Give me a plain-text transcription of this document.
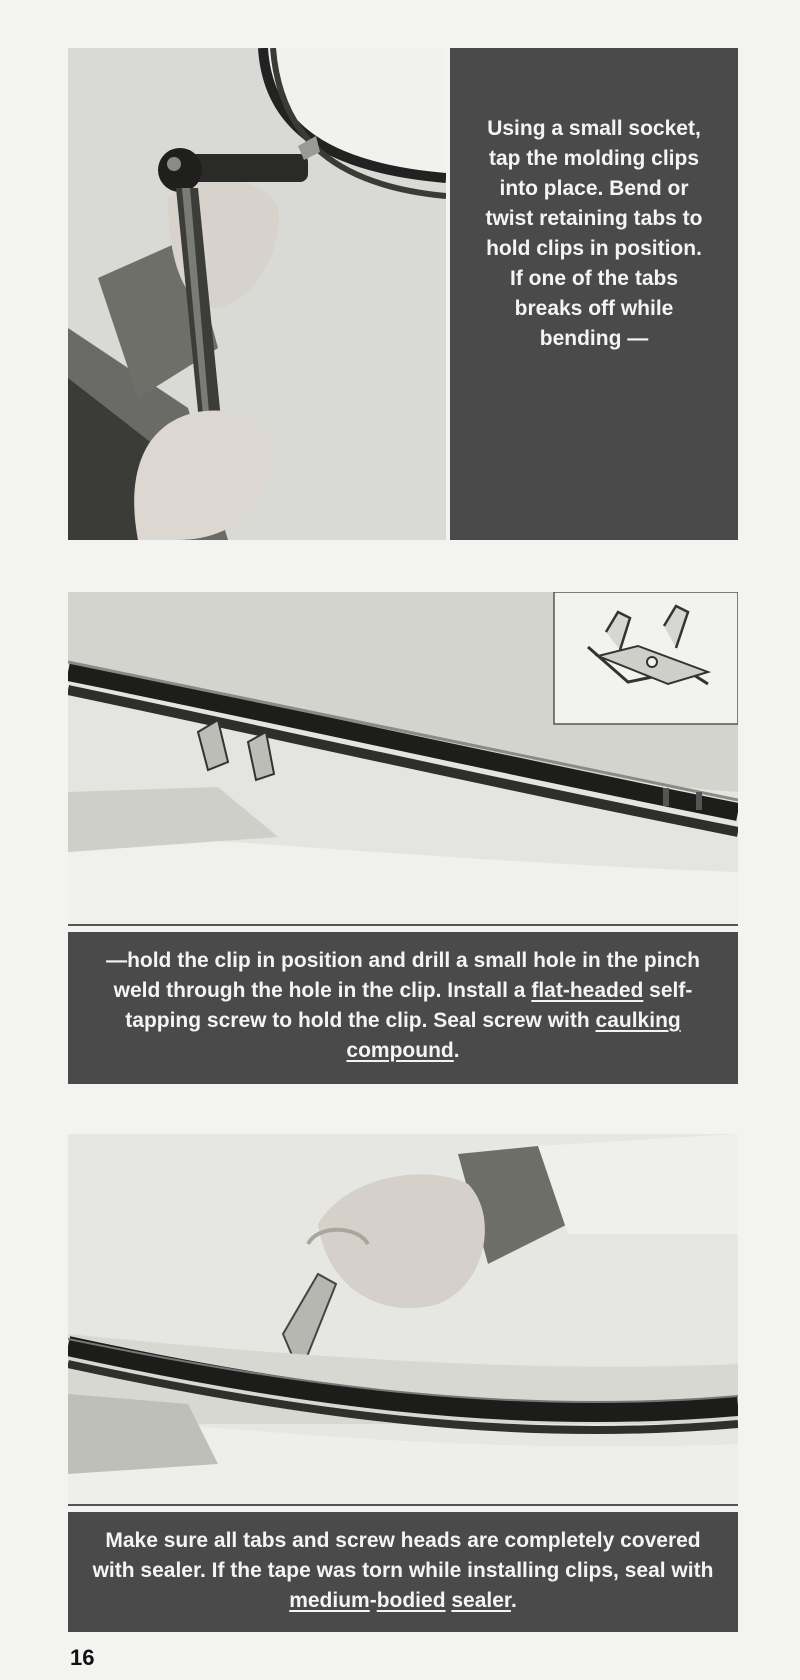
Using a small socket, tap the molding clips into place. Bend or twist retaining tabs to hold clips in position. If one of the tabs breaks off while bending —
—hold the clip in position and drill a small hole in the pinch weld through the hole in the clip. Install a flat-headed self-tapping screw to hold the clip. Seal screw with caulking compound.
Make sure all tabs and screw heads are completely covered with sealer. If the tape was torn while installing clips, seal with medium-bodied sealer.
16
